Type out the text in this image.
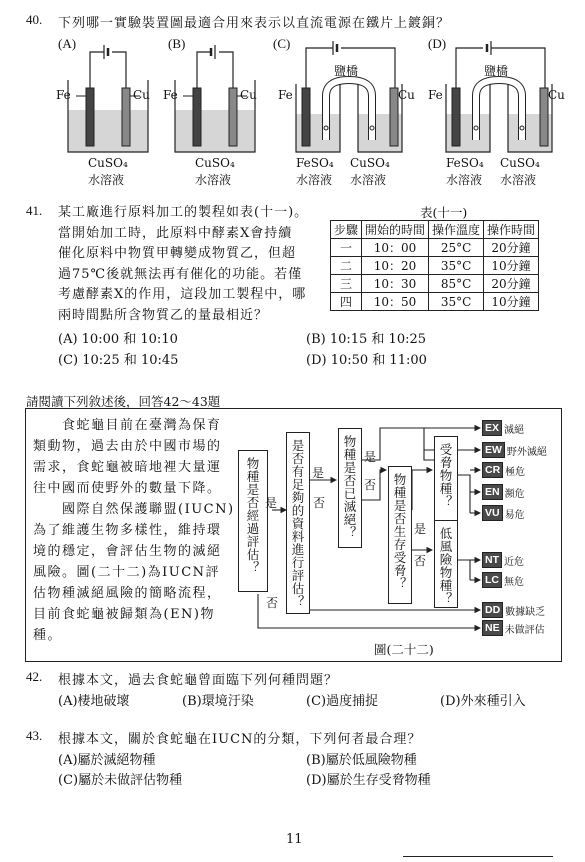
40. 下列哪一實驗裝置圖最適合用來表示以直流電源在鐵片上鍍銅？
(A)	(B)	(C)	(D)
Fe	Cu
CuSO₄
水溶液
Fe	Cu
CuSO₄
水溶液
Fe	Cu
鹽橋
FeSO₄ CuSO₄
水溶液 水溶液
Fe	Cu
鹽橋
FeSO₄ CuSO₄
水溶液 水溶液
41. 某工廠進行原料加工的製程如表(十一)。
當開始加工時，此原料中酵素X會持續
催化原料中物質甲轉變成物質乙，但超
過75℃後就無法再有催化的功能。若僅
考慮酵素X的作用，這段加工製程中，哪
兩時間點所含物質乙的量最相近？
表(十一)
步驟	開始的時間	操作溫度	操作時間
一	10：00	25°C	20分鐘
二	10：20	35°C	10分鐘
三	10：30	85°C	20分鐘
四	10：50	35°C	10分鐘
(A) 10:00 和 10:10	(B) 10:15 和 10:25
(C) 10:25 和 10:45	(D) 10:50 和 11:00
請閱讀下列敘述後，回答42～43題
　　食蛇龜目前在臺灣為保育
類動物，過去由於中國市場的
需求，食蛇龜被暗地裡大量運
往中國而使野外的數量下降。
　　國際自然保護聯盟(IUCN)
為了維護生物多樣性，維持環
境的穩定，會評估生物的滅絕
風險。圖(二十二)為IUCN評
估物種滅絕風險的簡略流程，
目前食蛇龜被歸類為(EN)物
種。
物種是否經過評估？ 是否有足夠的資料進行評估？	物種是否已滅絕？	物種是否生存受脅？ 受脅物種？
低風險物種？
是
否
是
否
是
否
是
否
EX 滅絕
EW 野外滅絕
CR 極危
EN 瀕危
VU 易危
NT 近危
LC 無危
DD 數據缺乏
NE 未做評估
圖(二十二)
42. 根據本文，過去食蛇龜曾面臨下列何種問題？
(A)棲地破壞	(B)環境汙染	(C)過度捕捉	(D)外來種引入
43. 根據本文，關於食蛇龜在IUCN的分類，下列何者最合理？
(A)屬於滅絕物種	(B)屬於低風險物種
(C)屬於未做評估物種	(D)屬於生存受脅物種
11
